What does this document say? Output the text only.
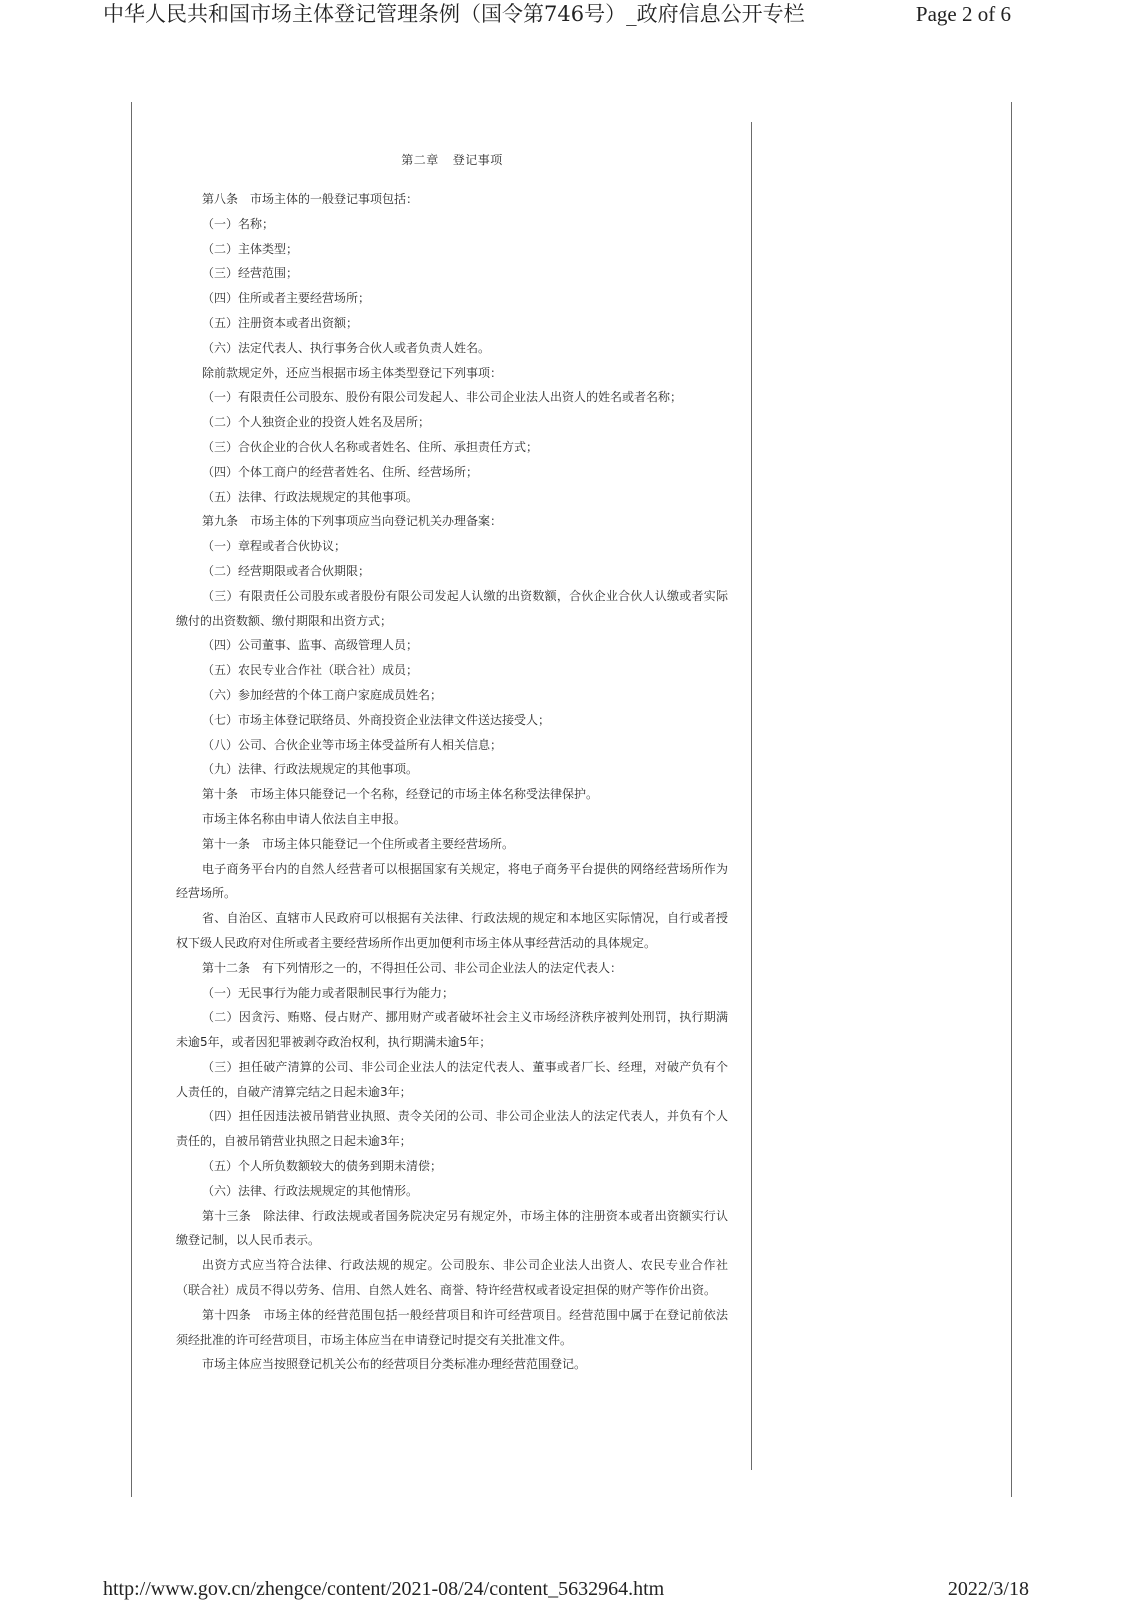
中华人民共和国市场主体登记管理条例（国令第746号）_政府信息公开专栏	Page 2 of 6
第二章 登记事项

第八条　市场主体的一般登记事项包括：

（一）名称；

（二）主体类型；

（三）经营范围；

（四）住所或者主要经营场所；

（五）注册资本或者出资额；

（六）法定代表人、执行事务合伙人或者负责人姓名。

除前款规定外，还应当根据市场主体类型登记下列事项：

（一）有限责任公司股东、股份有限公司发起人、非公司企业法人出资人的姓名或者名称；

（二）个人独资企业的投资人姓名及居所；

（三）合伙企业的合伙人名称或者姓名、住所、承担责任方式；

（四）个体工商户的经营者姓名、住所、经营场所；

（五）法律、行政法规规定的其他事项。

第九条　市场主体的下列事项应当向登记机关办理备案：

（一）章程或者合伙协议；

（二）经营期限或者合伙期限；

（三）有限责任公司股东或者股份有限公司发起人认缴的出资数额，合伙企业合伙人认缴或者实际缴付的出资数额、缴付期限和出资方式；

（四）公司董事、监事、高级管理人员；

（五）农民专业合作社（联合社）成员；

（六）参加经营的个体工商户家庭成员姓名；

（七）市场主体登记联络员、外商投资企业法律文件送达接受人；

（八）公司、合伙企业等市场主体受益所有人相关信息；

（九）法律、行政法规规定的其他事项。

第十条　市场主体只能登记一个名称，经登记的市场主体名称受法律保护。

市场主体名称由申请人依法自主申报。

第十一条　市场主体只能登记一个住所或者主要经营场所。

电子商务平台内的自然人经营者可以根据国家有关规定，将电子商务平台提供的网络经营场所作为经营场所。

省、自治区、直辖市人民政府可以根据有关法律、行政法规的规定和本地区实际情况，自行或者授权下级人民政府对住所或者主要经营场所作出更加便利市场主体从事经营活动的具体规定。

第十二条　有下列情形之一的，不得担任公司、非公司企业法人的法定代表人：

（一）无民事行为能力或者限制民事行为能力；

（二）因贪污、贿赂、侵占财产、挪用财产或者破坏社会主义市场经济秩序被判处刑罚，执行期满未逾5年，或者因犯罪被剥夺政治权利，执行期满未逾5年；

（三）担任破产清算的公司、非公司企业法人的法定代表人、董事或者厂长、经理，对破产负有个人责任的，自破产清算完结之日起未逾3年；

（四）担任因违法被吊销营业执照、责令关闭的公司、非公司企业法人的法定代表人，并负有个人责任的，自被吊销营业执照之日起未逾3年；

（五）个人所负数额较大的债务到期未清偿；

（六）法律、行政法规规定的其他情形。

第十三条　除法律、行政法规或者国务院决定另有规定外，市场主体的注册资本或者出资额实行认缴登记制，以人民币表示。

出资方式应当符合法律、行政法规的规定。公司股东、非公司企业法人出资人、农民专业合作社（联合社）成员不得以劳务、信用、自然人姓名、商誉、特许经营权或者设定担保的财产等作价出资。

第十四条　市场主体的经营范围包括一般经营项目和许可经营项目。经营范围中属于在登记前依法须经批准的许可经营项目，市场主体应当在申请登记时提交有关批准文件。

市场主体应当按照登记机关公布的经营项目分类标准办理经营范围登记。

http://www.gov.cn/zhengce/content/2021-08/24/content_5632964.htm	2022/3/18
